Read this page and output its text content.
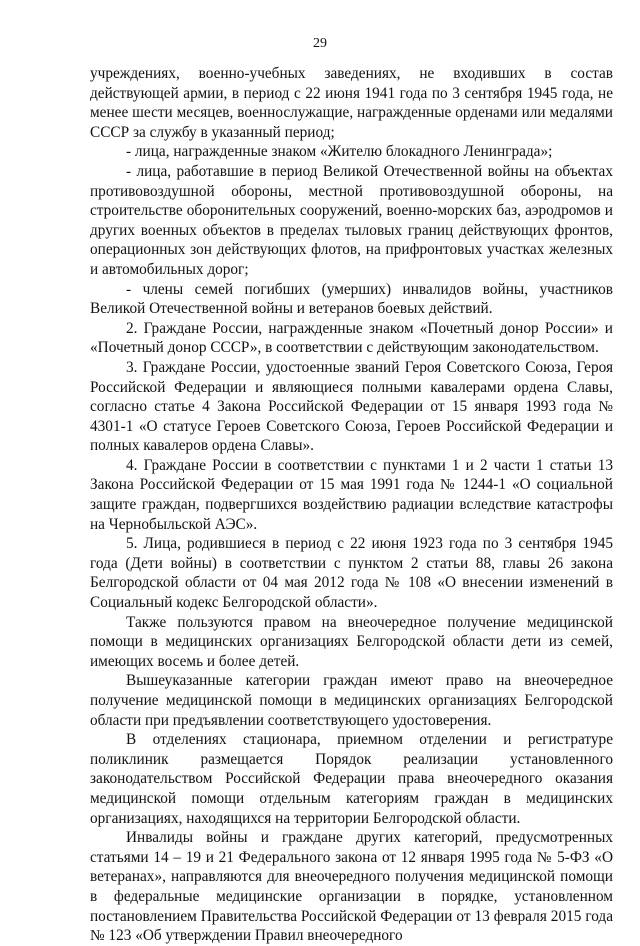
29

учреждениях, военно-учебных заведениях, не входивших в состав действующей армии, в период с 22 июня 1941 года по 3 сентября 1945 года, не менее шести месяцев, военнослужащие, награжденные орденами или медалями СССР за службу в указанный период;

- лица, награжденные знаком «Жителю блокадного Ленинграда»;

- лица, работавшие в период Великой Отечественной войны на объектах противовоздушной обороны, местной противовоздушной обороны, на строительстве оборонительных сооружений, военно-морских баз, аэродромов и других военных объектов в пределах тыловых границ действующих фронтов, операционных зон действующих флотов, на прифронтовых участках железных и автомобильных дорог;

- члены семей погибших (умерших) инвалидов войны, участников Великой Отечественной войны и ветеранов боевых действий.

2. Граждане России, награжденные знаком «Почетный донор России» и «Почетный донор СССР», в соответствии с действующим законодательством.

3. Граждане России, удостоенные званий Героя Советского Союза, Героя Российской Федерации и являющиеся полными кавалерами ордена Славы, согласно статье 4 Закона Российской Федерации от 15 января 1993 года № 4301-1 «О статусе Героев Советского Союза, Героев Российской Федерации и полных кавалеров ордена Славы».

4. Граждане России в соответствии с пунктами 1 и 2 части 1 статьи 13 Закона Российской Федерации от 15 мая 1991 года № 1244-1 «О социальной защите граждан, подвергшихся воздействию радиации вследствие катастрофы на Чернобыльской АЭС».

5. Лица, родившиеся в период с 22 июня 1923 года по 3 сентября 1945 года (Дети войны) в соответствии с пунктом 2 статьи 88, главы 26 закона Белгородской области от 04 мая 2012 года № 108 «О внесении изменений в Социальный кодекс Белгородской области».

Также пользуются правом на внеочередное получение медицинской помощи в медицинских организациях Белгородской области дети из семей, имеющих восемь и более детей.

Вышеуказанные категории граждан имеют право на внеочередное получение медицинской помощи в медицинских организациях Белгородской области при предъявлении соответствующего удостоверения.

В отделениях стационара, приемном отделении и регистратуре поликлиник размещается Порядок реализации установленного законодательством Российской Федерации права внеочередного оказания медицинской помощи отдельным категориям граждан в медицинских организациях, находящихся на территории Белгородской области.

Инвалиды войны и граждане других категорий, предусмотренных статьями 14 – 19 и 21 Федерального закона от 12 января 1995 года № 5-ФЗ «О ветеранах», направляются для внеочередного получения медицинской помощи в федеральные медицинские организации в порядке, установленном постановлением Правительства Российской Федерации от 13 февраля 2015 года № 123 «Об утверждении Правил внеочередного
